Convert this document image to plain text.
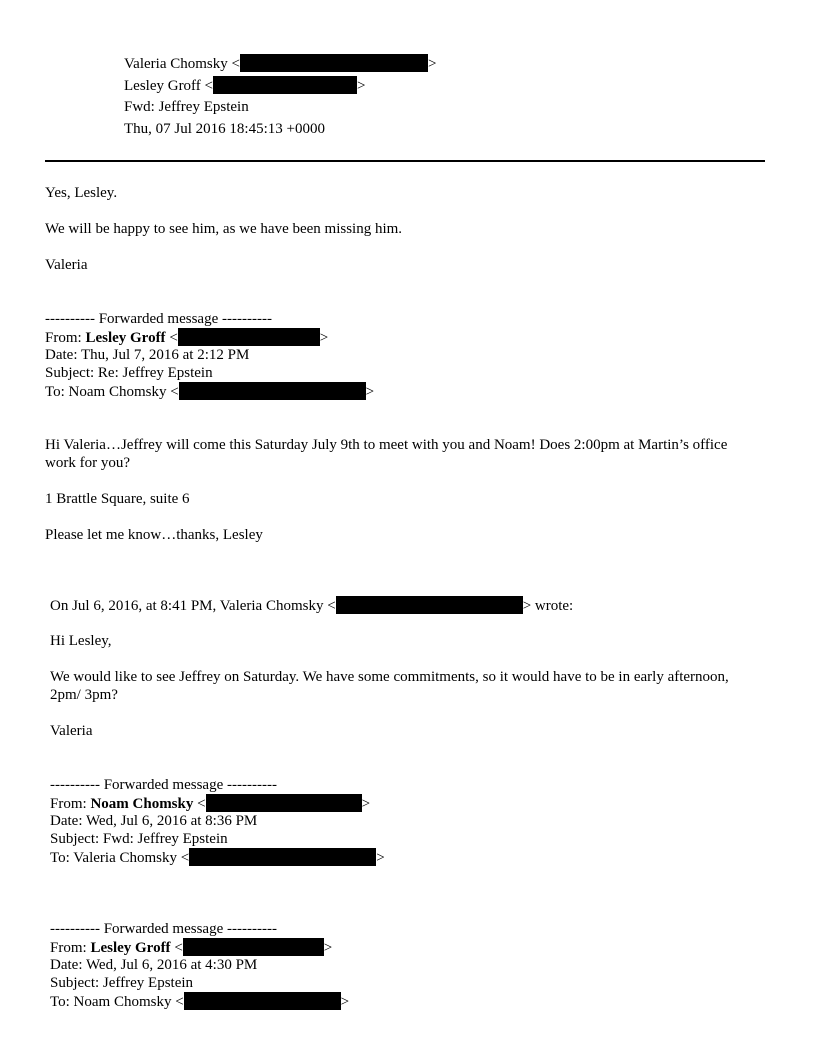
Valeria Chomsky <	>
Lesley Groff <	>
Fwd: Jeffrey Epstein
Thu, 07 Jul 2016 18:45:13 +0000
Yes, Lesley.
We will be happy to see him, as we have been missing him.
Valeria
---------- Forwarded message ----------
From: Lesley Groff <	>
Date: Thu, Jul 7, 2016 at 2:12 PM
Subject: Re: Jeffrey Epstein
To: Noam Chomsky <	>
Hi Valeria…Jeffrey will come this Saturday July 9th to meet with you and Noam! Does 2:00pm at Martin’s office work for you?
1 Brattle Square, suite 6
Please let me know…thanks, Lesley
On Jul 6, 2016, at 8:41 PM, Valeria Chomsky <	> wrote:
Hi Lesley,
We would like to see Jeffrey on Saturday. We have some commitments, so it would have to be in early afternoon, 2pm/ 3pm?
Valeria
---------- Forwarded message ----------
From: Noam Chomsky <	>
Date: Wed, Jul 6, 2016 at 8:36 PM
Subject: Fwd: Jeffrey Epstein
To: Valeria Chomsky <	>
---------- Forwarded message ----------
From: Lesley Groff <	>
Date: Wed, Jul 6, 2016 at 4:30 PM
Subject: Jeffrey Epstein
To: Noam Chomsky <	>
